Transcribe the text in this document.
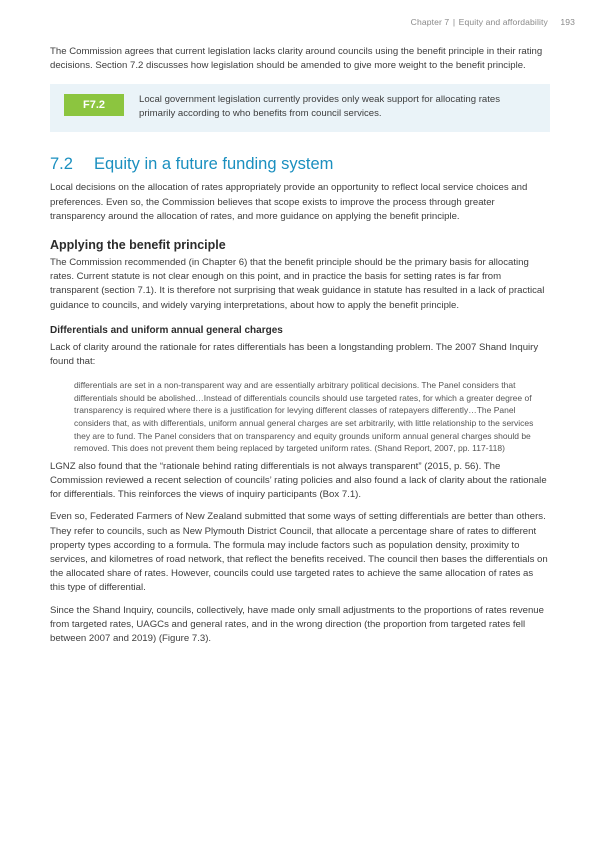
Chapter 7 | Equity and affordability 193

The Commission agrees that current legislation lacks clarity around councils using the benefit principle in their rating decisions. Section 7.2 discusses how legislation should be amended to give more weight to the benefit principle.

F7.2	Local government legislation currently provides only weak support for allocating rates primarily according to who benefits from council services.
7.2 Equity in a future funding system

Local decisions on the allocation of rates appropriately provide an opportunity to reflect local service choices and preferences. Even so, the Commission believes that scope exists to improve the process through greater transparency around the allocation of rates, and more guidance on applying the benefit principle.

Applying the benefit principle

The Commission recommended (in Chapter 6) that the benefit principle should be the primary basis for allocating rates. Current statute is not clear enough on this point, and in practice the basis for setting rates is far from transparent (section 7.1). It is therefore not surprising that weak guidance in statute has resulted in a lack of practical guidance to councils, and widely varying interpretations, about how to apply the benefit principle.

Differentials and uniform annual general charges

Lack of clarity around the rationale for rates differentials has been a longstanding problem. The 2007 Shand Inquiry found that:

differentials are set in a non-transparent way and are essentially arbitrary political decisions. The Panel considers that differentials should be abolished…Instead of differentials councils should use targeted rates, for which a greater degree of transparency is required where there is a justification for levying different classes of ratepayers differently…The Panel considers that, as with differentials, uniform annual general charges are set arbitrarily, with little relationship to the services they are to fund. The Panel considers that on transparency and equity grounds uniform annual general charges should be removed. This does not prevent them being replaced by targeted uniform rates. (Shand Report, 2007, pp. 117-118)

LGNZ also found that the “rationale behind rating differentials is not always transparent” (2015, p. 56). The Commission reviewed a recent selection of councils’ rating policies and also found a lack of clarity about the rationale for differentials. This reinforces the views of inquiry participants (Box 7.1).

Even so, Federated Farmers of New Zealand submitted that some ways of setting differentials are better than others. They refer to councils, such as New Plymouth District Council, that allocate a percentage share of rates to different property types according to a formula. The formula may include factors such as population density, proximity to services, and kilometres of road network, that reflect the benefits received. The council then bases the differentials on the allocated share of rates. However, councils could use targeted rates to achieve the same allocation of rates as this type of differential.

Since the Shand Inquiry, councils, collectively, have made only small adjustments to the proportions of rates revenue from targeted rates, UAGCs and general rates, and in the wrong direction (the proportion from targeted rates fell between 2007 and 2019) (Figure 7.3).
